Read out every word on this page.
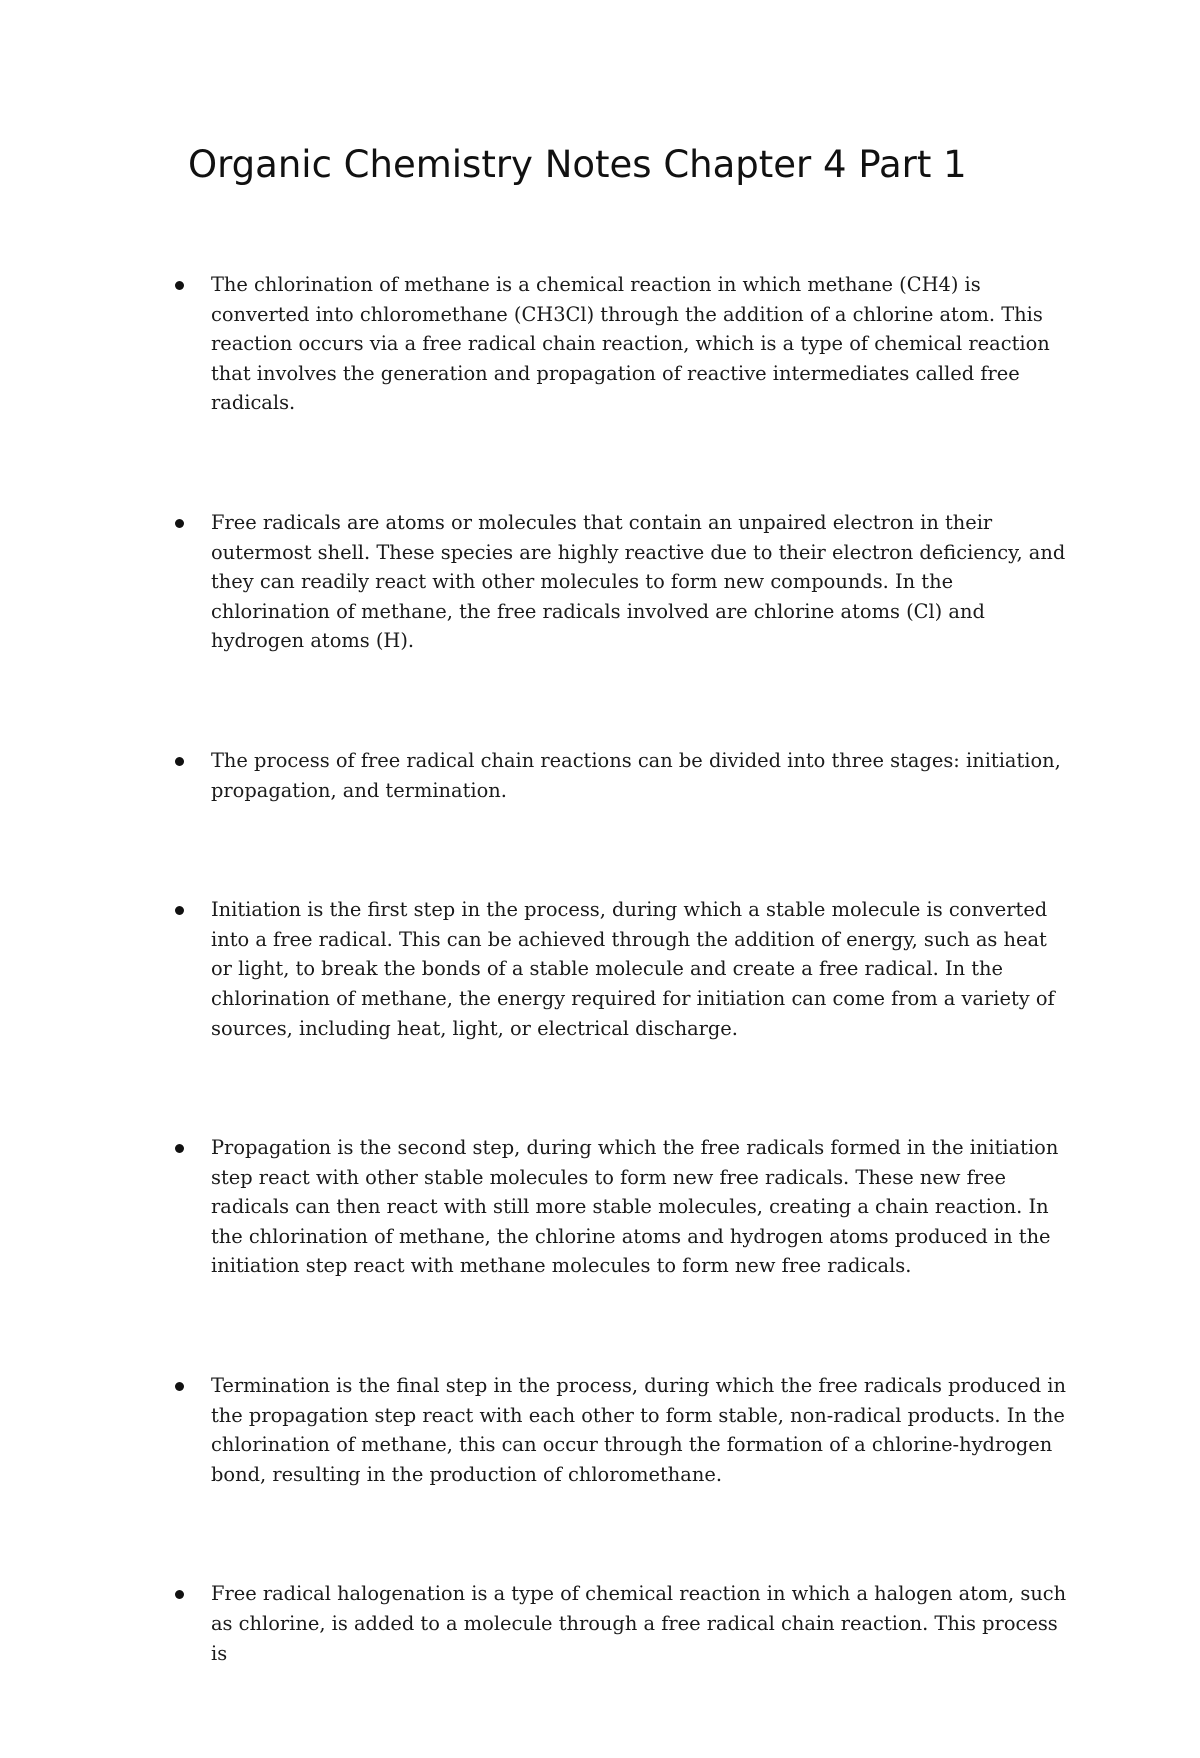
Organic Chemistry Notes Chapter 4 Part 1
The chlorination of methane is a chemical reaction in which methane (CH4) is converted into chloromethane (CH3Cl) through the addition of a chlorine atom. This reaction occurs via a free radical chain reaction, which is a type of chemical reaction that involves the generation and propagation of reactive intermediates called free radicals.
Free radicals are atoms or molecules that contain an unpaired electron in their outermost shell. These species are highly reactive due to their electron deficiency, and they can readily react with other molecules to form new compounds. In the chlorination of methane, the free radicals involved are chlorine atoms (Cl) and hydrogen atoms (H).
The process of free radical chain reactions can be divided into three stages: initiation, propagation, and termination.
Initiation is the first step in the process, during which a stable molecule is converted into a free radical. This can be achieved through the addition of energy, such as heat or light, to break the bonds of a stable molecule and create a free radical. In the chlorination of methane, the energy required for initiation can come from a variety of sources, including heat, light, or electrical discharge.
Propagation is the second step, during which the free radicals formed in the initiation step react with other stable molecules to form new free radicals. These new free radicals can then react with still more stable molecules, creating a chain reaction. In the chlorination of methane, the chlorine atoms and hydrogen atoms produced in the initiation step react with methane molecules to form new free radicals.
Termination is the final step in the process, during which the free radicals produced in the propagation step react with each other to form stable, non-radical products. In the chlorination of methane, this can occur through the formation of a chlorine-hydrogen bond, resulting in the production of chloromethane.
Free radical halogenation is a type of chemical reaction in which a halogen atom, such as chlorine, is added to a molecule through a free radical chain reaction. This process is
